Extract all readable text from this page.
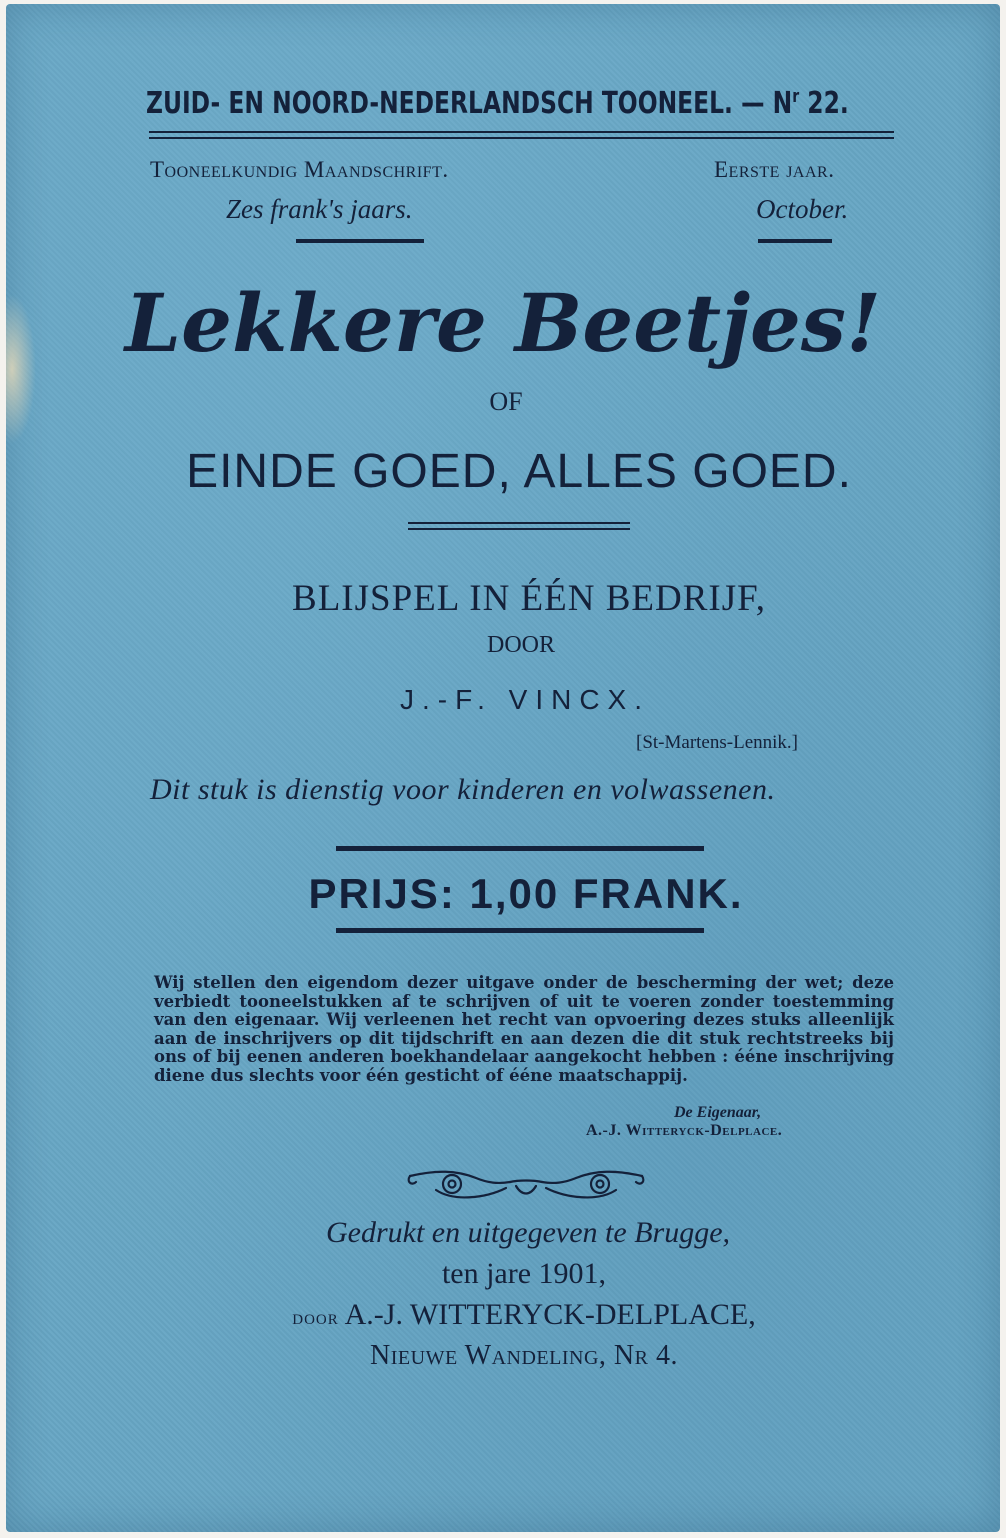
ZUID- EN NOORD-NEDERLANDSCH TOONEEL. — $N^r$ 22.
Tooneelkundig Maandschrift.
Zes frank's jaars.
Eerste jaar.
October.
Lekkere Beetjes!
OF
EINDE GOED, ALLES GOED.
BLIJSPEL IN ÉÉN BEDRIJF,
DOOR
J.-F. VINCX.
[St-Martens-Lennik.]
Dit stuk is dienstig voor kinderen en volwassenen.
PRIJS: 1,00 FRANK.
Wij stellen den eigendom dezer uitgave onder de bescherming der wet; deze verbiedt tooneelstukken af te schrijven of uit te voeren zonder toestemming van den eigenaar. Wij verleenen het recht van opvoering dezes stuks alleenlijk aan de inschrijvers op dit tijdschrift en aan dezen die dit stuk rechtstreeks bij ons of bij eenen anderen boekhandelaar aangekocht hebben : ééne inschrijving diene dus slechts voor één gesticht of ééne maatschappij.
De Eigenaar,
A.-J. Witteryck-Delplace.
Gedrukt en uitgegeven te Brugge,
ten jare 1901,
door A.-J. WITTERYCK-DELPLACE,
Nieuwe Wandeling, Nr 4.
